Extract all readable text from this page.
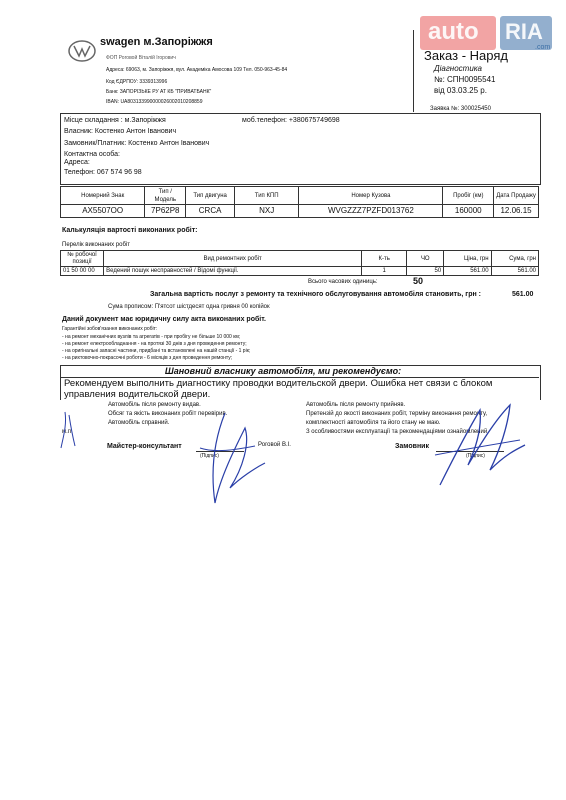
auto RIA
.com
swagen м.Запоріжжя
ФОП Роговой Віталій Ігорович
Адреса: 69063, м. Запоріжжя, вул. Академіка Амосова 109 Тел. 050-963-45-84
Код ЄДРПОУ: 3339313996
Банк: ЗАПОРІЗЬКЕ РУ АТ КБ "ПРИВАТБАНК"
IBAN: UA803133990000026002010208859
Заказ - Наряд
Діагностика
№: СПН0095541
від 03.03.25 р.
Заявка №: 300025450
Місце складання : м.Запоріжжя	моб.телефон: +380675749698
Власник: Костенко Антон Іванович
Замовник/Платник: Костенко Антон Іванович
Контактна особа:
Адреса:
Телефон: 067 574 96 98
Номерний Знак	Тип / Модель	Тип двигуна	Тип КПП	Номер Кузова	Пробіг (км)	Дата Продажу
AX5507OO	7P62P8	CRCA	NXJ	WVGZZZ7PZFD013762	160000	12.06.15
Калькуляція вартості виконаних робіт:
Перелік виконаних робіт
№ робочої позиції	Вид ремонтних робіт	К-ть	ЧО	Ціна, грн	Сума, грн
01 50 00 00	Ведений пошук несправностей / Відомі функції.	1	50	561.00	561.00
Всього часових одиниць:	50
Загальна вартість послуг з ремонту та технічного обслуговування автомобіля становить, грн :	561.00
Сума прописом: П'ятсот шістдесят одна гривня 00 копійок
Даний документ має юридичну силу акта виконаних робіт.
Гарантійні зобов'язання виконаних робіт:
- на ремонт механічних вузлів та агрегатів - при пробігу не більше 10 000 км;
- на ремонт електрообладнання - на протязі 30 днів з дня проведення ремонту;
- на оригінальні запасні частини, придбані та встановлені на нашій станції - 1 рік;
- на рихтовочно-покрасочні роботи - 6 місяців з дня проведення ремонту;
Шановний власнику автомобіля, ми рекомендуємо:
Рекомендуем выполнить диагностику проводки водительской двери. Ошибка нет связи с блоком управления водительской двери.
Автомобіль після ремонту видав.
Обсяг та якість виконаних робіт перевірив.
Автомобіль справний.
Автомобіль після ремонту прийняв.
Претензій до якості виконаних робіт, терміну виконання ремонту,
комплектності автомобіля та його стану не маю.
З особливостями експлуатації та рекомендаціями ознайомлений.
м.п.
Майстер-консультант	Роговой В.І.
(Підпис)
Замовник
(Підпис)
